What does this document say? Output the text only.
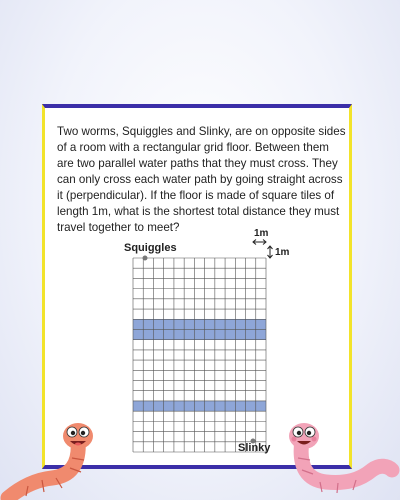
Two worms, Squiggles and Slinky, are on opposite sides of a room with a rectangular grid floor. Between them are two parallel water paths that they must cross. They can only cross each water path by going straight across it (perpendicular). If the floor is made of square tiles of length 1m, what is the shortest total distance they must travel together to meet?	1m
1m
Squiggles
Slinky
